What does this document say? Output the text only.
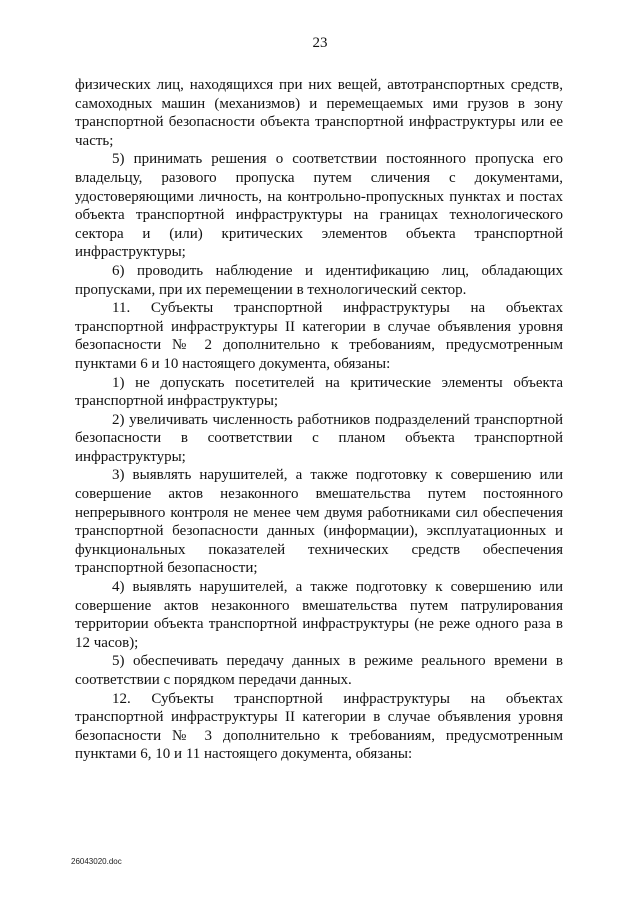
23

физических лиц, находящихся при них вещей, автотранспортных средств, самоходных машин (механизмов) и перемещаемых ими грузов в зону транспортной безопасности объекта транспортной инфраструктуры или ее часть;

5) принимать решения о соответствии постоянного пропуска его владельцу, разового пропуска путем сличения с документами, удостоверяющими личность, на контрольно-пропускных пунктах и постах объекта транспортной инфраструктуры на границах технологического сектора и (или) критических элементов объекта транспортной инфраструктуры;

6) проводить наблюдение и идентификацию лиц, обладающих пропусками, при их перемещении в технологический сектор.

11. Субъекты транспортной инфраструктуры на объектах транспортной инфраструктуры II категории в случае объявления уровня безопасности № 2 дополнительно к требованиям, предусмотренным пунктами 6 и 10 настоящего документа, обязаны:

1) не допускать посетителей на критические элементы объекта транспортной инфраструктуры;

2) увеличивать численность работников подразделений транспортной безопасности в соответствии с планом объекта транспортной инфраструктуры;

3) выявлять нарушителей, а также подготовку к совершению или совершение актов незаконного вмешательства путем постоянного непрерывного контроля не менее чем двумя работниками сил обеспечения транспортной безопасности данных (информации), эксплуатационных и функциональных показателей технических средств обеспечения транспортной безопасности;

4) выявлять нарушителей, а также подготовку к совершению или совершение актов незаконного вмешательства путем патрулирования территории объекта транспортной инфраструктуры (не реже одного раза в 12 часов);

5) обеспечивать передачу данных в режиме реального времени в соответствии с порядком передачи данных.

12. Субъекты транспортной инфраструктуры на объектах транспортной инфраструктуры II категории в случае объявления уровня безопасности № 3 дополнительно к требованиям, предусмотренным пунктами 6, 10 и 11 настоящего документа, обязаны:

26043020.doc
